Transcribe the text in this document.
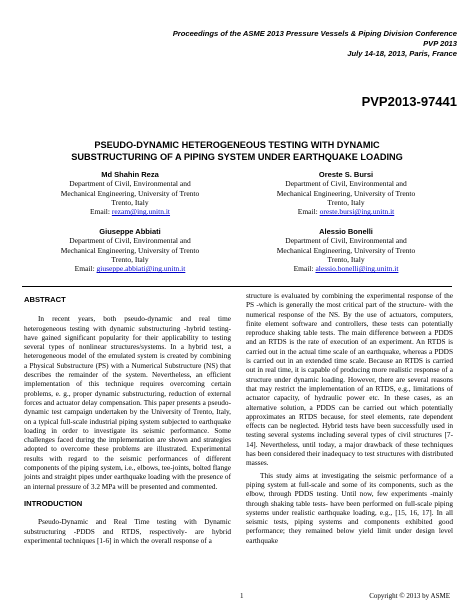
Proceedings of the ASME 2013 Pressure Vessels & Piping Division Conference
PVP 2013
July 14-18, 2013, Paris, France
PVP2013-97441
PSEUDO-DYNAMIC HETEROGENEOUS TESTING WITH DYNAMIC
SUBSTRUCTURING OF A PIPING SYSTEM UNDER EARTHQUAKE LOADING
Md Shahin Reza
Department of Civil, Environmental and
Mechanical Engineering, University of Trento
Trento, Italy
Email: rezam@ing.unitn.it
Oreste S. Bursi
Department of Civil, Environmental and
Mechanical Engineering, University of Trento
Trento, Italy
Email: oreste.bursi@ing.unitn.it
Giuseppe Abbiati
Department of Civil, Environmental and
Mechanical Engineering, University of Trento
Trento, Italy
Email: giuseppe.abbiati@ing.unitn.it
Alessio Bonelli
Department of Civil, Environmental and
Mechanical Engineering, University of Trento
Trento, Italy
Email: alessio.bonelli@ing.unitn.it
ABSTRACT

In recent years, both pseudo-dynamic and real time heterogeneous testing with dynamic substructuring -hybrid testing- have gained significant popularity for their applicability to testing several types of nonlinear structures/systems. In a hybrid test, a heterogeneous model of the emulated system is created by combining a Physical Substructure (PS) with a Numerical Substructure (NS) that describes the remainder of the system. Nevertheless, an efficient implementation of this technique requires overcoming certain problems, e. g., proper dynamic substructuring, reduction of external forces and actuator delay compensation. This paper presents a pseudo-dynamic test campaign undertaken by the University of Trento, Italy, on a typical full-scale industrial piping system subjected to earthquake loading in order to investigate its seismic performance. Some challenges faced during the implementation are shown and strategies adopted to overcome these problems are illustrated. Experimental results with regard to the seismic performances of different components of the piping system, i.e., elbows, tee-joints, bolted flange joints and straight pipes under earthquake loading with the presence of an internal pressure of 3.2 MPa will be presented and commented.

INTRODUCTION

Pseudo-Dynamic and Real Time testing with Dynamic substructuring -PDDS and RTDS, respectively- are hybrid experimental techniques [1-6] in which the overall response of a

structure is evaluated by combining the experimental response of the PS -which is generally the most critical part of the structure- with the numerical response of the NS. By the use of actuators, computers, finite element software and controllers, these tests can potentially reproduce shaking table tests. The main difference between a PDDS and an RTDS is the rate of execution of an experiment. An RTDS is carried out in the actual time scale of an earthquake, whereas a PDDS is carried out in an extended time scale. Because an RTDS is carried out in real time, it is capable of producing more realistic response of a structure under dynamic loading. However, there are several reasons that may restrict the implementation of an RTDS, e.g., limitations of actuator capacity, of hydraulic power etc. In these cases, as an alternative solution, a PDDS can be carried out which potentially approximates an RTDS because, for steel elements, rate dependent effects can be neglected. Hybrid tests have been successfully used in testing several systems including several types of civil structures [7-14]. Nevertheless, until today, a major drawback of these techniques has been considered their inadequacy to test structures with distributed masses.

This study aims at investigating the seismic performance of a piping system at full-scale and some of its components, such as the elbow, through PDDS testing. Until now, few experiments -mainly through shaking table tests- have been performed on full-scale piping systems under realistic earthquake loading, e.g., [15, 16, 17]. In all seismic tests, piping systems and components exhibited good performance; they remained below yield limit under design level earthquake

1	Copyright © 2013 by ASME
